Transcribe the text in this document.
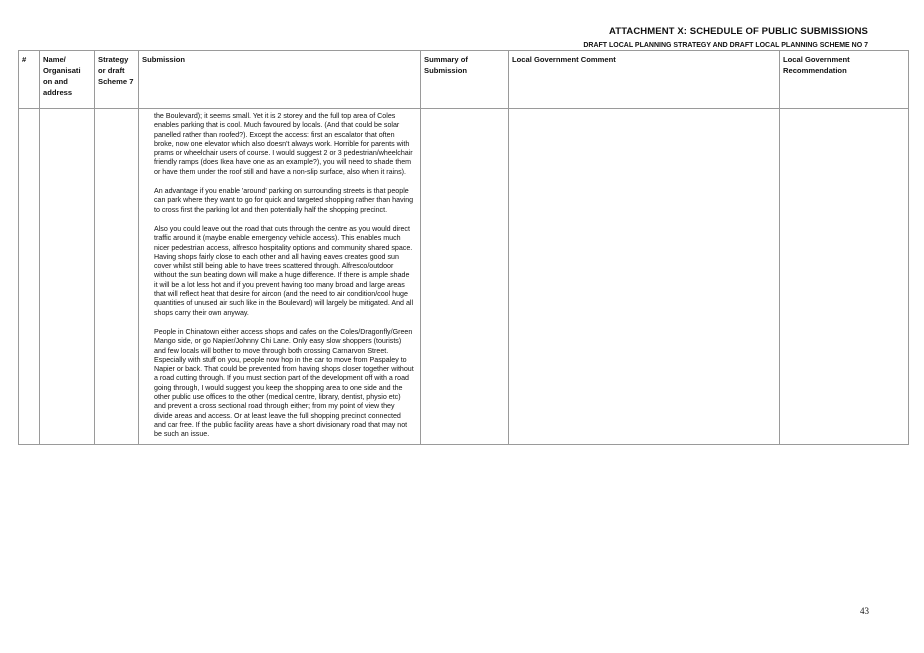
ATTACHMENT X: SCHEDULE OF PUBLIC SUBMISSIONS
DRAFT LOCAL PLANNING STRATEGY AND DRAFT LOCAL PLANNING SCHEME NO 7
#	Name/ Organisati on and address	Strategy or draft Scheme 7	Submission	Summary of Submission	Local Government Comment	Local Government Recommendation

			the Boulevard); it seems small. Yet it is 2 storey and the full top area of Coles enables parking that is cool. Much favoured by locals. (And that could be solar panelled rather than roofed?). Except the access: first an escalator that often broke, now one elevator which also doesn't always work. Horrible for parents with prams or wheelchair users of course. I would suggest 2 or 3 pedestrian/wheelchair friendly ramps (does Ikea have one as an example?), you will need to shade them or have them under the roof still and have a non-slip surface, also when it rains).

An advantage if you enable 'around' parking on surrounding streets is that people can park where they want to go for quick and targeted shopping rather than having to cross first the parking lot and then potentially half the shopping precinct.

Also you could leave out the road that cuts through the centre as you would direct traffic around it (maybe enable emergency vehicle access). This enables much nicer pedestrian access, alfresco hospitality options and community shared space. Having shops fairly close to each other and all having eaves creates good sun cover whilst still being able to have trees scattered through. Alfresco/outdoor without the sun beating down will make a huge difference. If there is ample shade it will be a lot less hot and if you prevent having too many broad and large areas that will reflect heat that desire for aircon (and the need to air condition/cool huge quantities of unused air such like in the Boulevard) will largely be mitigated. And all shops carry their own anyway.

People in Chinatown either access shops and cafes on the Coles/Dragonfly/Green Mango side, or go Napier/Johnny Chi Lane. Only easy slow shoppers (tourists) and few locals will bother to move through both crossing Carnarvon Street. Especially with stuff on you, people now hop in the car to move from Paspaley to Napier or back. That could be prevented from having shops closer together without a road cutting through. If you must section part of the development off with a road going through, I would suggest you keep the shopping area to one side and the other public use offices to the other (medical centre, library, dentist, physio etc) and prevent a cross sectional road through either; from my point of view they divide areas and access. Or at least leave the full shopping precinct connected and car free. If the public facility areas have a short divisionary road that may not be such an issue.			

43
